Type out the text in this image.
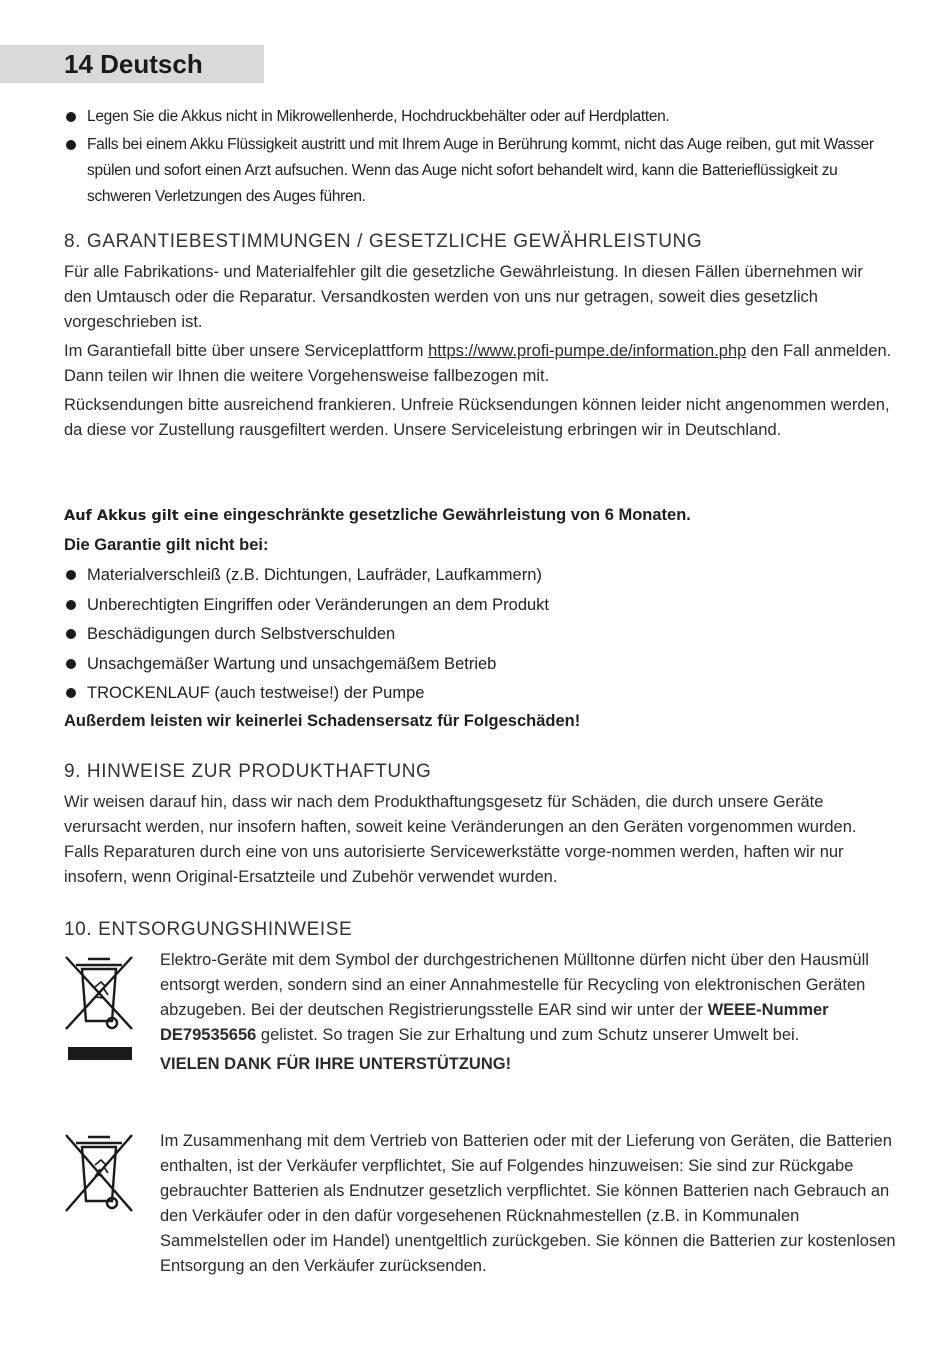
14 Deutsch
Legen Sie die Akkus nicht in Mikrowellenherde, Hochdruckbehälter oder auf Herdplatten.
Falls bei einem Akku Flüssigkeit austritt und mit Ihrem Auge in Berührung kommt, nicht das Auge reiben, gut mit Wasser spülen und sofort einen Arzt aufsuchen. Wenn das Auge nicht sofort behandelt wird, kann die Batterieflüssigkeit zu schweren Verletzungen des Auges führen.
8. GARANTIEBESTIMMUNGEN / GESETZLICHE GEWÄHRLEISTUNG

Für alle Fabrikations- und Materialfehler gilt die gesetzliche Gewährleistung. In diesen Fällen übernehmen wir den Umtausch oder die Reparatur. Versandkosten werden von uns nur getragen, soweit dies gesetzlich vorgeschrieben ist.

Im Garantiefall bitte über unsere Serviceplattform https://www.profi-pumpe.de/information.php den Fall anmelden. Dann teilen wir Ihnen die weitere Vorgehensweise fallbezogen mit.

Rücksendungen bitte ausreichend frankieren. Unfreie Rücksendungen können leider nicht angenommen werden, da diese vor Zustellung rausgefiltert werden. Unsere Serviceleistung erbringen wir in Deutschland.

Auf Akkus gilt eine eingeschränkte gesetzliche Gewährleistung von 6 Monaten.
Die Garantie gilt nicht bei:
Materialverschleiß (z.B. Dichtungen, Laufräder, Laufkammern)
Unberechtigten Eingriffen oder Veränderungen an dem Produkt
Beschädigungen durch Selbstverschulden
Unsachgemäßer Wartung und unsachgemäßem Betrieb
TROCKENLAUF (auch testweise!) der Pumpe
Außerdem leisten wir keinerlei Schadensersatz für Folgeschäden!
9. HINWEISE ZUR PRODUKTHAFTUNG
Wir weisen darauf hin, dass wir nach dem Produkthaftungsgesetz für Schäden, die durch unsere Geräte verursacht werden, nur insofern haften, soweit keine Veränderungen an den Geräten vorgenommen wurden. Falls Reparaturen durch eine von uns autorisierte Servicewerkstätte vorge-nommen werden, haften wir nur insofern, wenn Original-Ersatzteile und Zubehör verwendet wurden.
10. ENTSORGUNGSHINWEISE

Elektro-Geräte mit dem Symbol der durchgestrichenen Mülltonne dürfen nicht über den Hausmüll entsorgt werden, sondern sind an einer Annahmestelle für Recycling von elektronischen Geräten abzugeben. Bei der deutschen Registrierungsstelle EAR sind wir unter der WEEE-Nummer DE79535656 gelistet. So tragen Sie zur Erhaltung und zum Schutz unserer Umwelt bei.

VIELEN DANK FÜR IHRE UNTERSTÜTZUNG!

Im Zusammenhang mit dem Vertrieb von Batterien oder mit der Lieferung von Geräten, die Batterien enthalten, ist der Verkäufer verpflichtet, Sie auf Folgendes hinzuweisen: Sie sind zur Rückgabe gebrauchter Batterien als Endnutzer gesetzlich verpflichtet. Sie können Batterien nach Gebrauch an den Verkäufer oder in den dafür vorgesehenen Rücknahmestellen (z.B. in Kommunalen Sammelstellen oder im Handel) unentgeltlich zurückgeben. Sie können die Batterien zur kostenlosen Entsorgung an den Verkäufer zurücksenden.
